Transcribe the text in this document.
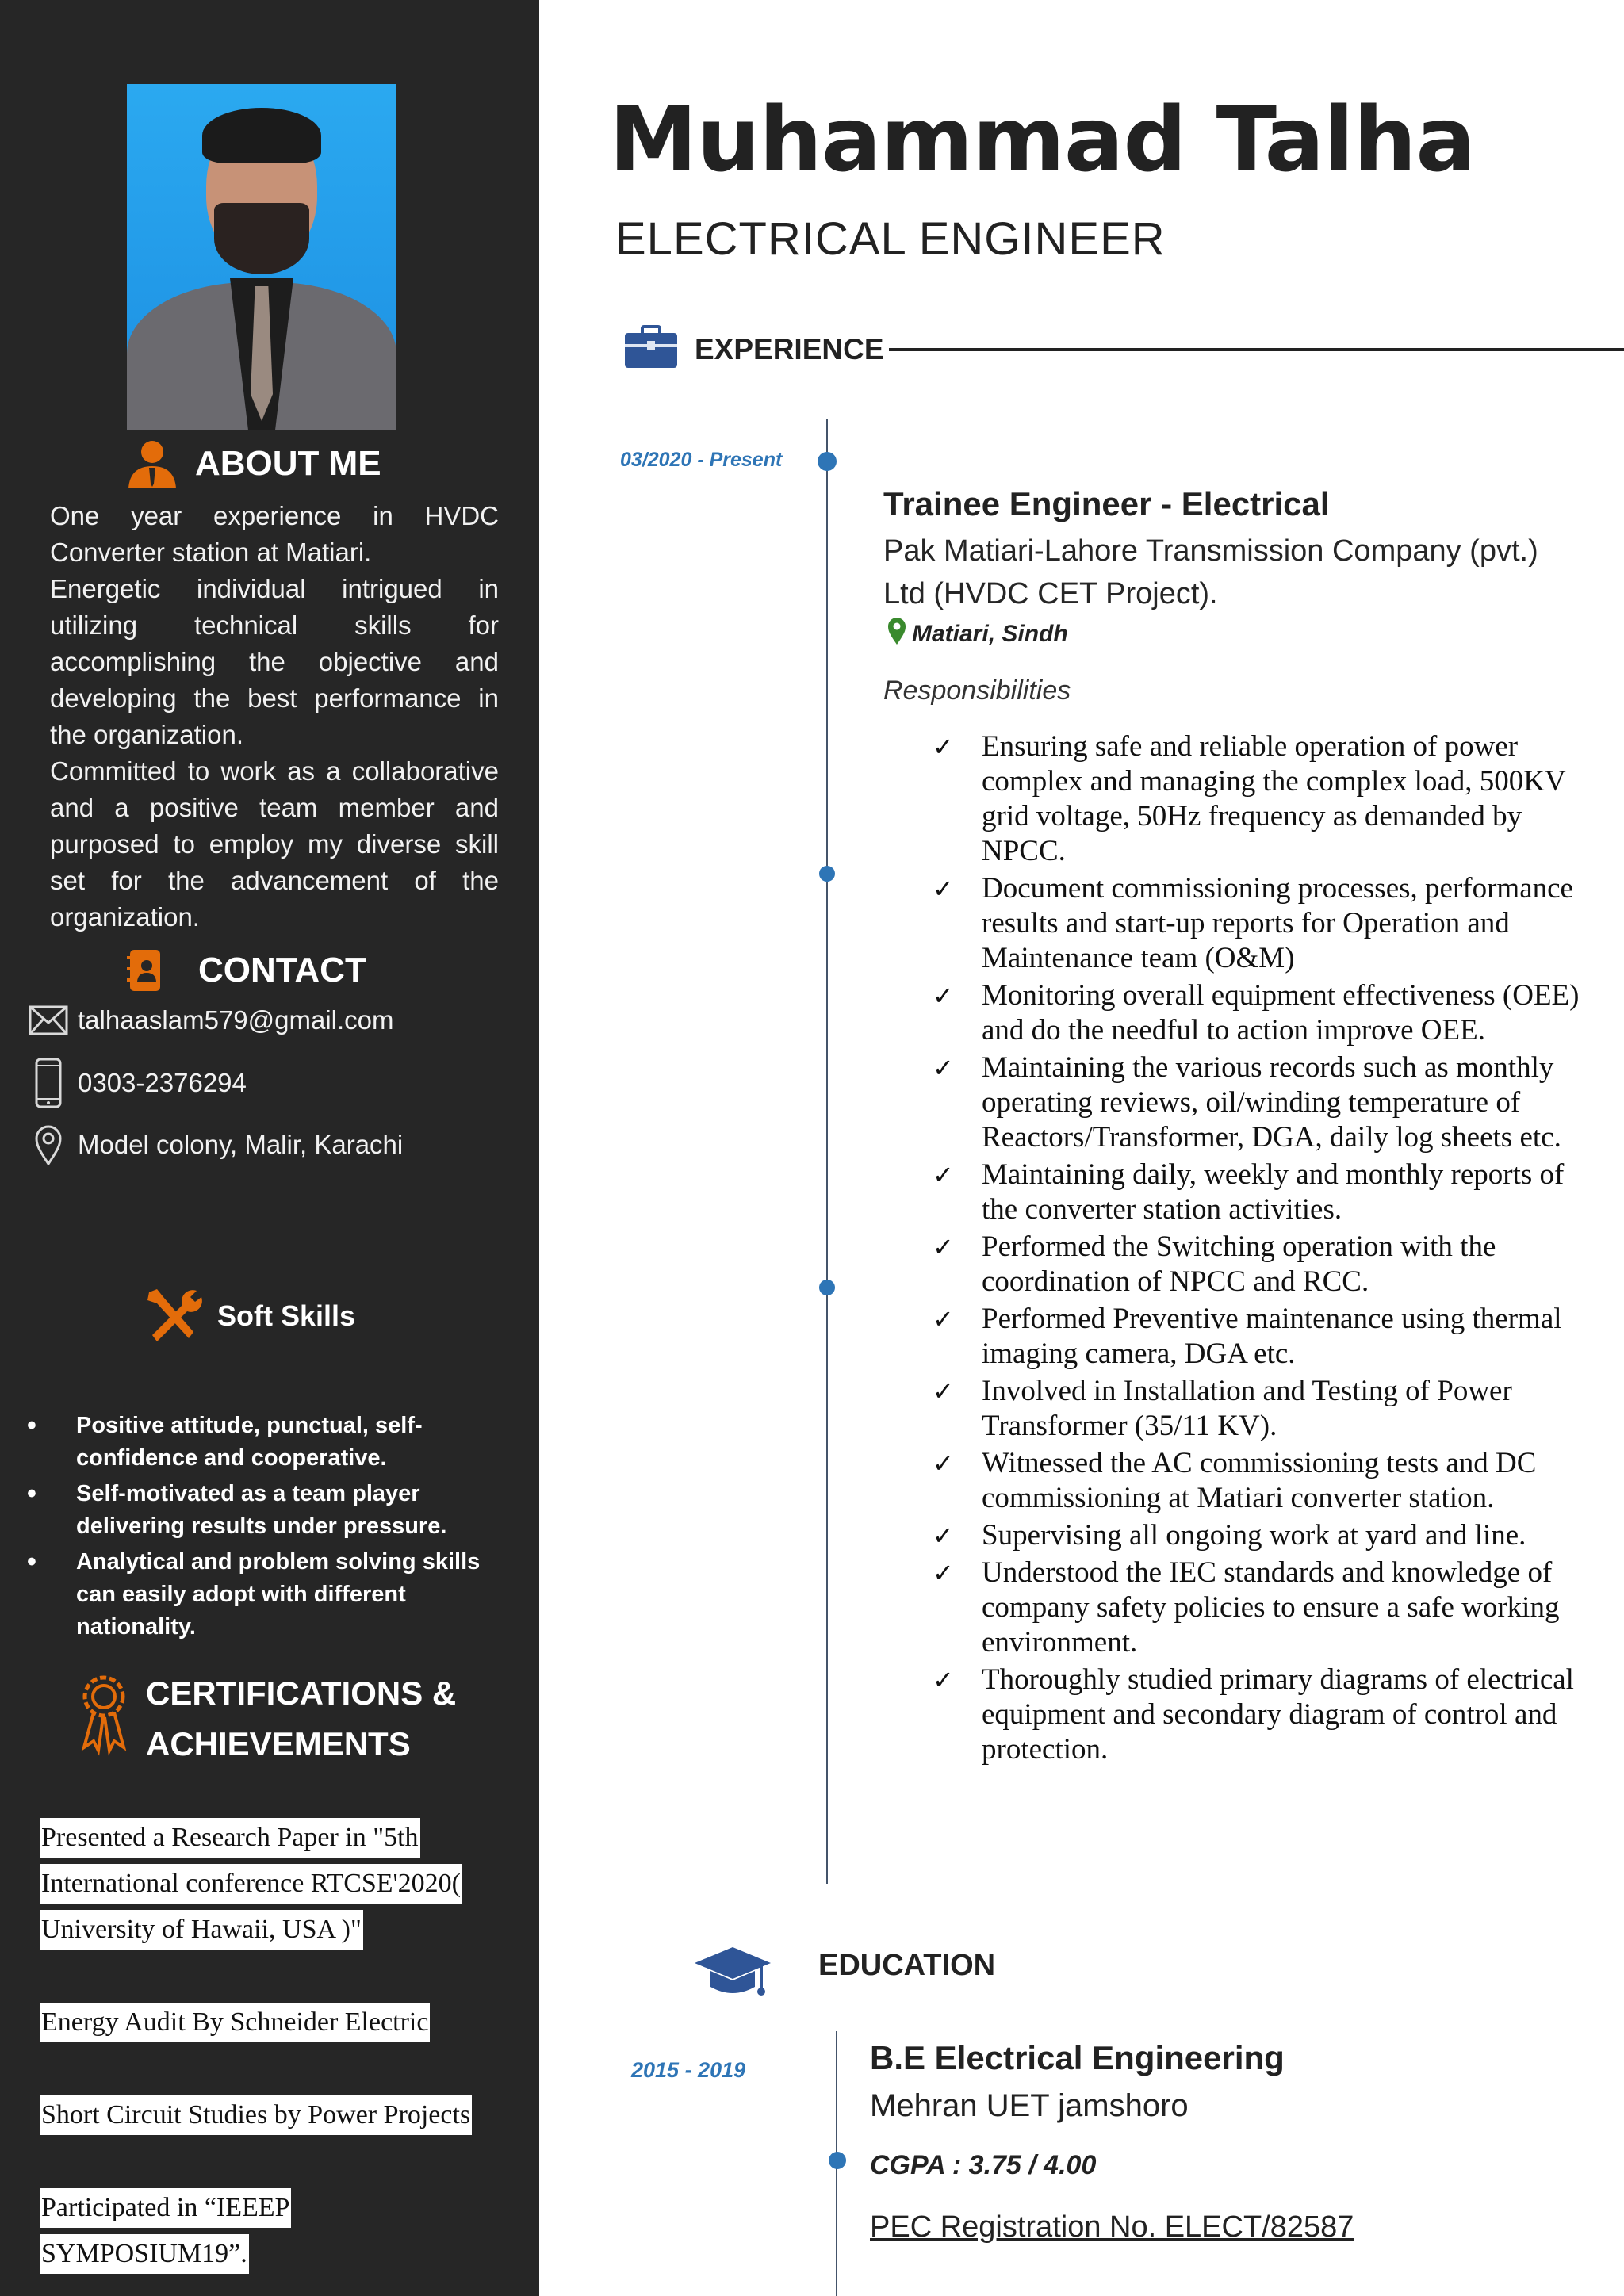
ABOUT ME

One year experience in HVDC Converter station at Matiari.

Energetic individual intrigued in utilizing technical skills for accomplishing the objective and developing the best performance in the organization.

Committed to work as a collaborative and a positive team member and purposed to employ my diverse skill set for the advancement of the organization.

CONTACT
talhaaslam579@gmail.com
0303-2376294
Model colony, Malir, Karachi
Soft Skills
• Positive attitude, punctual, self-confidence and cooperative.
• Self-motivated as a team player delivering results under pressure.
• Analytical and problem solving skills can easily adopt with different nationality.
CERTIFICATIONS &
ACHIEVEMENTS
Presented a Research Paper in "5th
International conference RTCSE'2020(
University of Hawaii, USA )"
Energy Audit By Schneider Electric
Short Circuit Studies by Power Projects
Participated in “IEEEP
SYMPOSIUM19”.
Muhammad Talha
ELECTRICAL ENGINEER
EXPERIENCE
03/2020 - Present
Trainee Engineer - Electrical
Pak Matiari-Lahore Transmission Company (pvt.)
Ltd (HVDC CET Project).
Matiari, Sindh
Responsibilities
✓ Ensuring safe and reliable operation of power complex and managing the complex load, 500KV grid voltage, 50Hz frequency as demanded by NPCC.
✓ Document commissioning processes, performance results and start-up reports for Operation and Maintenance team (O&M)
✓ Monitoring overall equipment effectiveness (OEE) and do the needful to action improve OEE.
✓ Maintaining the various records such as monthly operating reviews, oil/winding temperature of Reactors/Transformer, DGA, daily log sheets etc.
✓ Maintaining daily, weekly and monthly reports of the converter station activities.
✓ Performed the Switching operation with the coordination of NPCC and RCC.
✓ Performed Preventive maintenance using thermal imaging camera, DGA etc.
✓ Involved in Installation and Testing of Power Transformer (35/11 KV).
✓ Witnessed the AC commissioning tests and DC commissioning at Matiari converter station.
✓ Supervising all ongoing work at yard and line.
✓ Understood the IEC standards and knowledge of company safety policies to ensure a safe working environment.
✓ Thoroughly studied primary diagrams of electrical equipment and secondary diagram of control and protection.
EDUCATION
2015 - 2019	B.E Electrical Engineering
Mehran UET jamshoro
CGPA : 3.75 / 4.00
PEC Registration No. ELECT/82587
